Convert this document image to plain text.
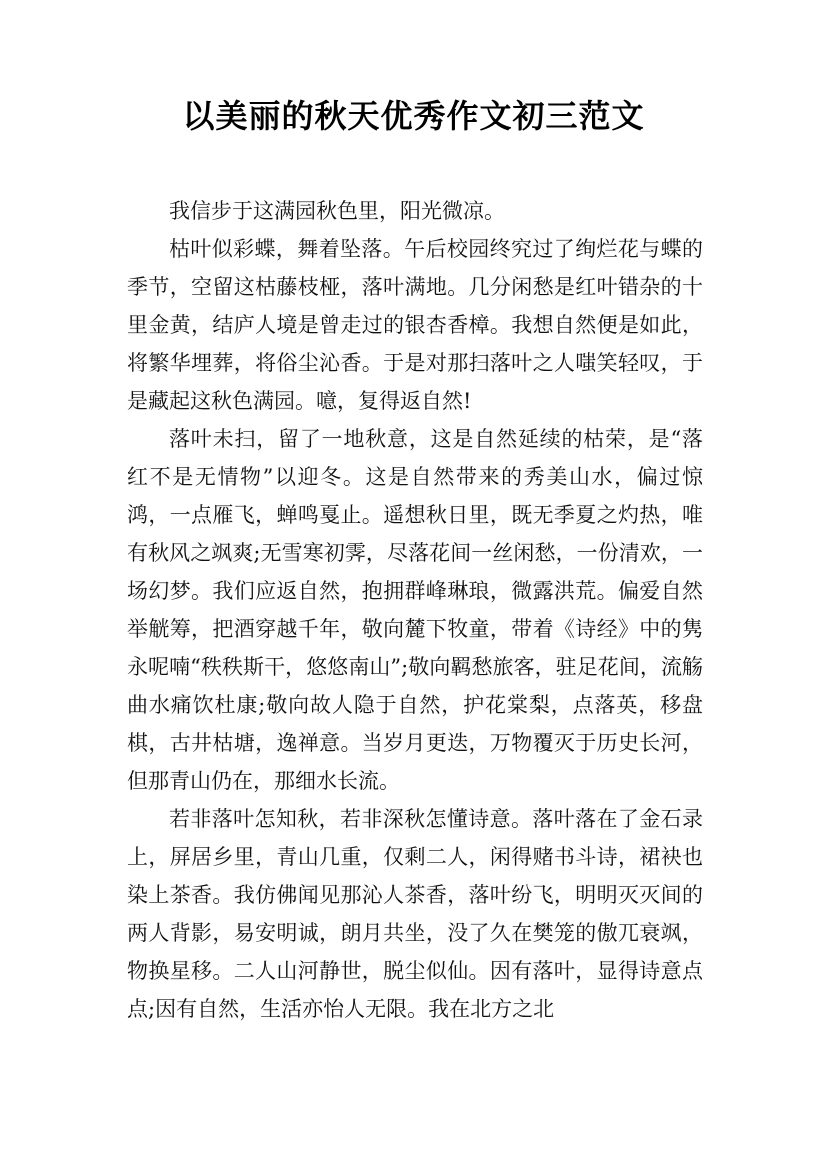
以美丽的秋天优秀作文初三范文

我信步于这满园秋色里，阳光微凉。

枯叶似彩蝶，舞着坠落。午后校园终究过了绚烂花与蝶的季节，空留这枯藤枝桠，落叶满地。几分闲愁是红叶错杂的十里金黄，结庐人境是曾走过的银杏香樟。我想自然便是如此，将繁华埋葬，将俗尘沁香。于是对那扫落叶之人嗤笑轻叹，于是藏起这秋色满园。噫，复得返自然!

落叶未扫，留了一地秋意，这是自然延续的枯荣，是“落红不是无情物”以迎冬。这是自然带来的秀美山水，偏过惊鸿，一点雁飞，蝉鸣戛止。遥想秋日里，既无季夏之灼热，唯有秋风之飒爽;无雪寒初霁，尽落花间一丝闲愁，一份清欢，一场幻梦。我们应返自然，抱拥群峰琳琅，微露洪荒。偏爱自然举觥筹，把酒穿越千年，敬向麓下牧童，带着《诗经》中的隽永呢喃“秩秩斯干，悠悠南山”;敬向羁愁旅客，驻足花间，流觞曲水痛饮杜康;敬向故人隐于自然，护花棠梨，点落英，移盘棋，古井枯塘，逸禅意。当岁月更迭，万物覆灭于历史长河，但那青山仍在，那细水长流。

若非落叶怎知秋，若非深秋怎懂诗意。落叶落在了金石录上，屏居乡里，青山几重，仅剩二人，闲得赌书斗诗，裙袂也染上茶香。我仿佛闻见那沁人茶香，落叶纷飞，明明灭灭间的两人背影，易安明诚，朗月共坐，没了久在樊笼的傲兀衰飒，物换星移。二人山河静世，脱尘似仙。因有落叶，显得诗意点点;因有自然，生活亦怡人无限。我在北方之北
